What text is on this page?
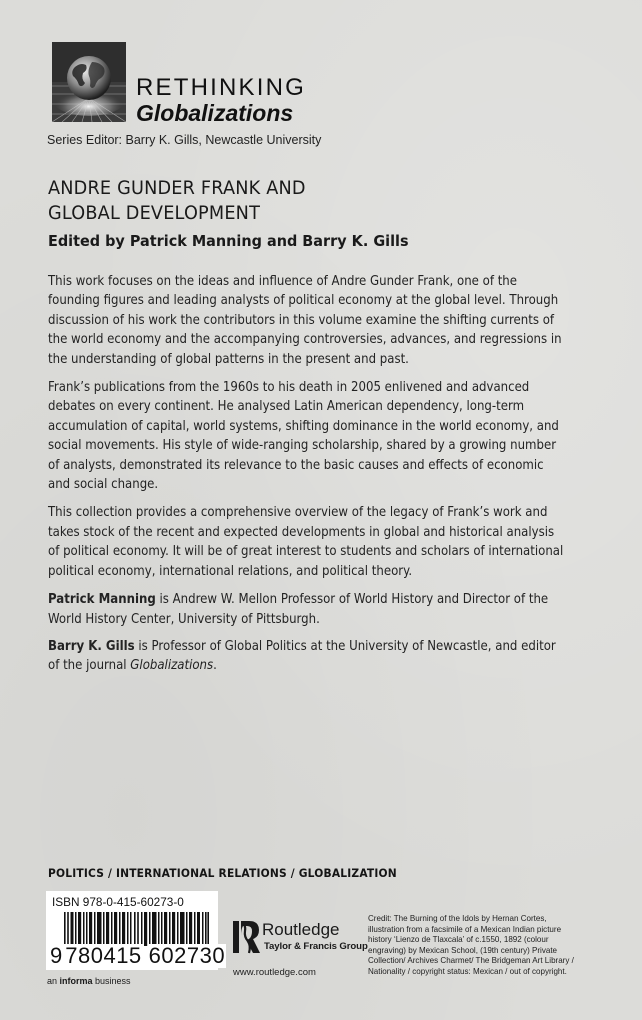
RETHINKING
Globalizations
Series Editor: Barry K. Gills, Newcastle University
ANDRE GUNDER FRANK AND
GLOBAL DEVELOPMENT
Edited by Patrick Manning and Barry K. Gills

This work focuses on the ideas and influence of Andre Gunder Frank, one of the founding figures and leading analysts of political economy at the global level. Through discussion of his work the contributors in this volume examine the shifting currents of the world economy and the accompanying controversies, advances, and regressions in the understanding of global patterns in the present and past.

Frank’s publications from the 1960s to his death in 2005 enlivened and advanced debates on every continent. He analysed Latin American dependency, long-term accumulation of capital, world systems, shifting dominance in the world economy, and social movements. His style of wide-ranging scholarship, shared by a growing number of analysts, demonstrated its relevance to the basic causes and effects of economic and social change.

This collection provides a comprehensive overview of the legacy of Frank’s work and takes stock of the recent and expected developments in global and historical analysis of political economy. It will be of great interest to students and scholars of international political economy, international relations, and political theory.

Patrick Manning is Andrew W. Mellon Professor of World History and Director of the World History Center, University of Pittsburgh.

Barry K. Gills is Professor of Global Politics at the University of Newcastle, and editor of the journal Globalizations.

POLITICS / INTERNATIONAL RELATIONS / GLOBALIZATION
ISBN 978-0-415-60273-0
9 780415 602730
an informa business
Routledge
Taylor & Francis Group
www.routledge.com
Credit: The Burning of the Idols by Hernan Cortes,
illustration from a facsimile of a Mexican Indian picture
history ‘Lienzo de Tlaxcala’ of c.1550, 1892 (colour
engraving) by Mexican School, (19th century) Private
Collection/ Archives Charmet/ The Bridgeman Art Library /
Nationality / copyright status: Mexican / out of copyright.
